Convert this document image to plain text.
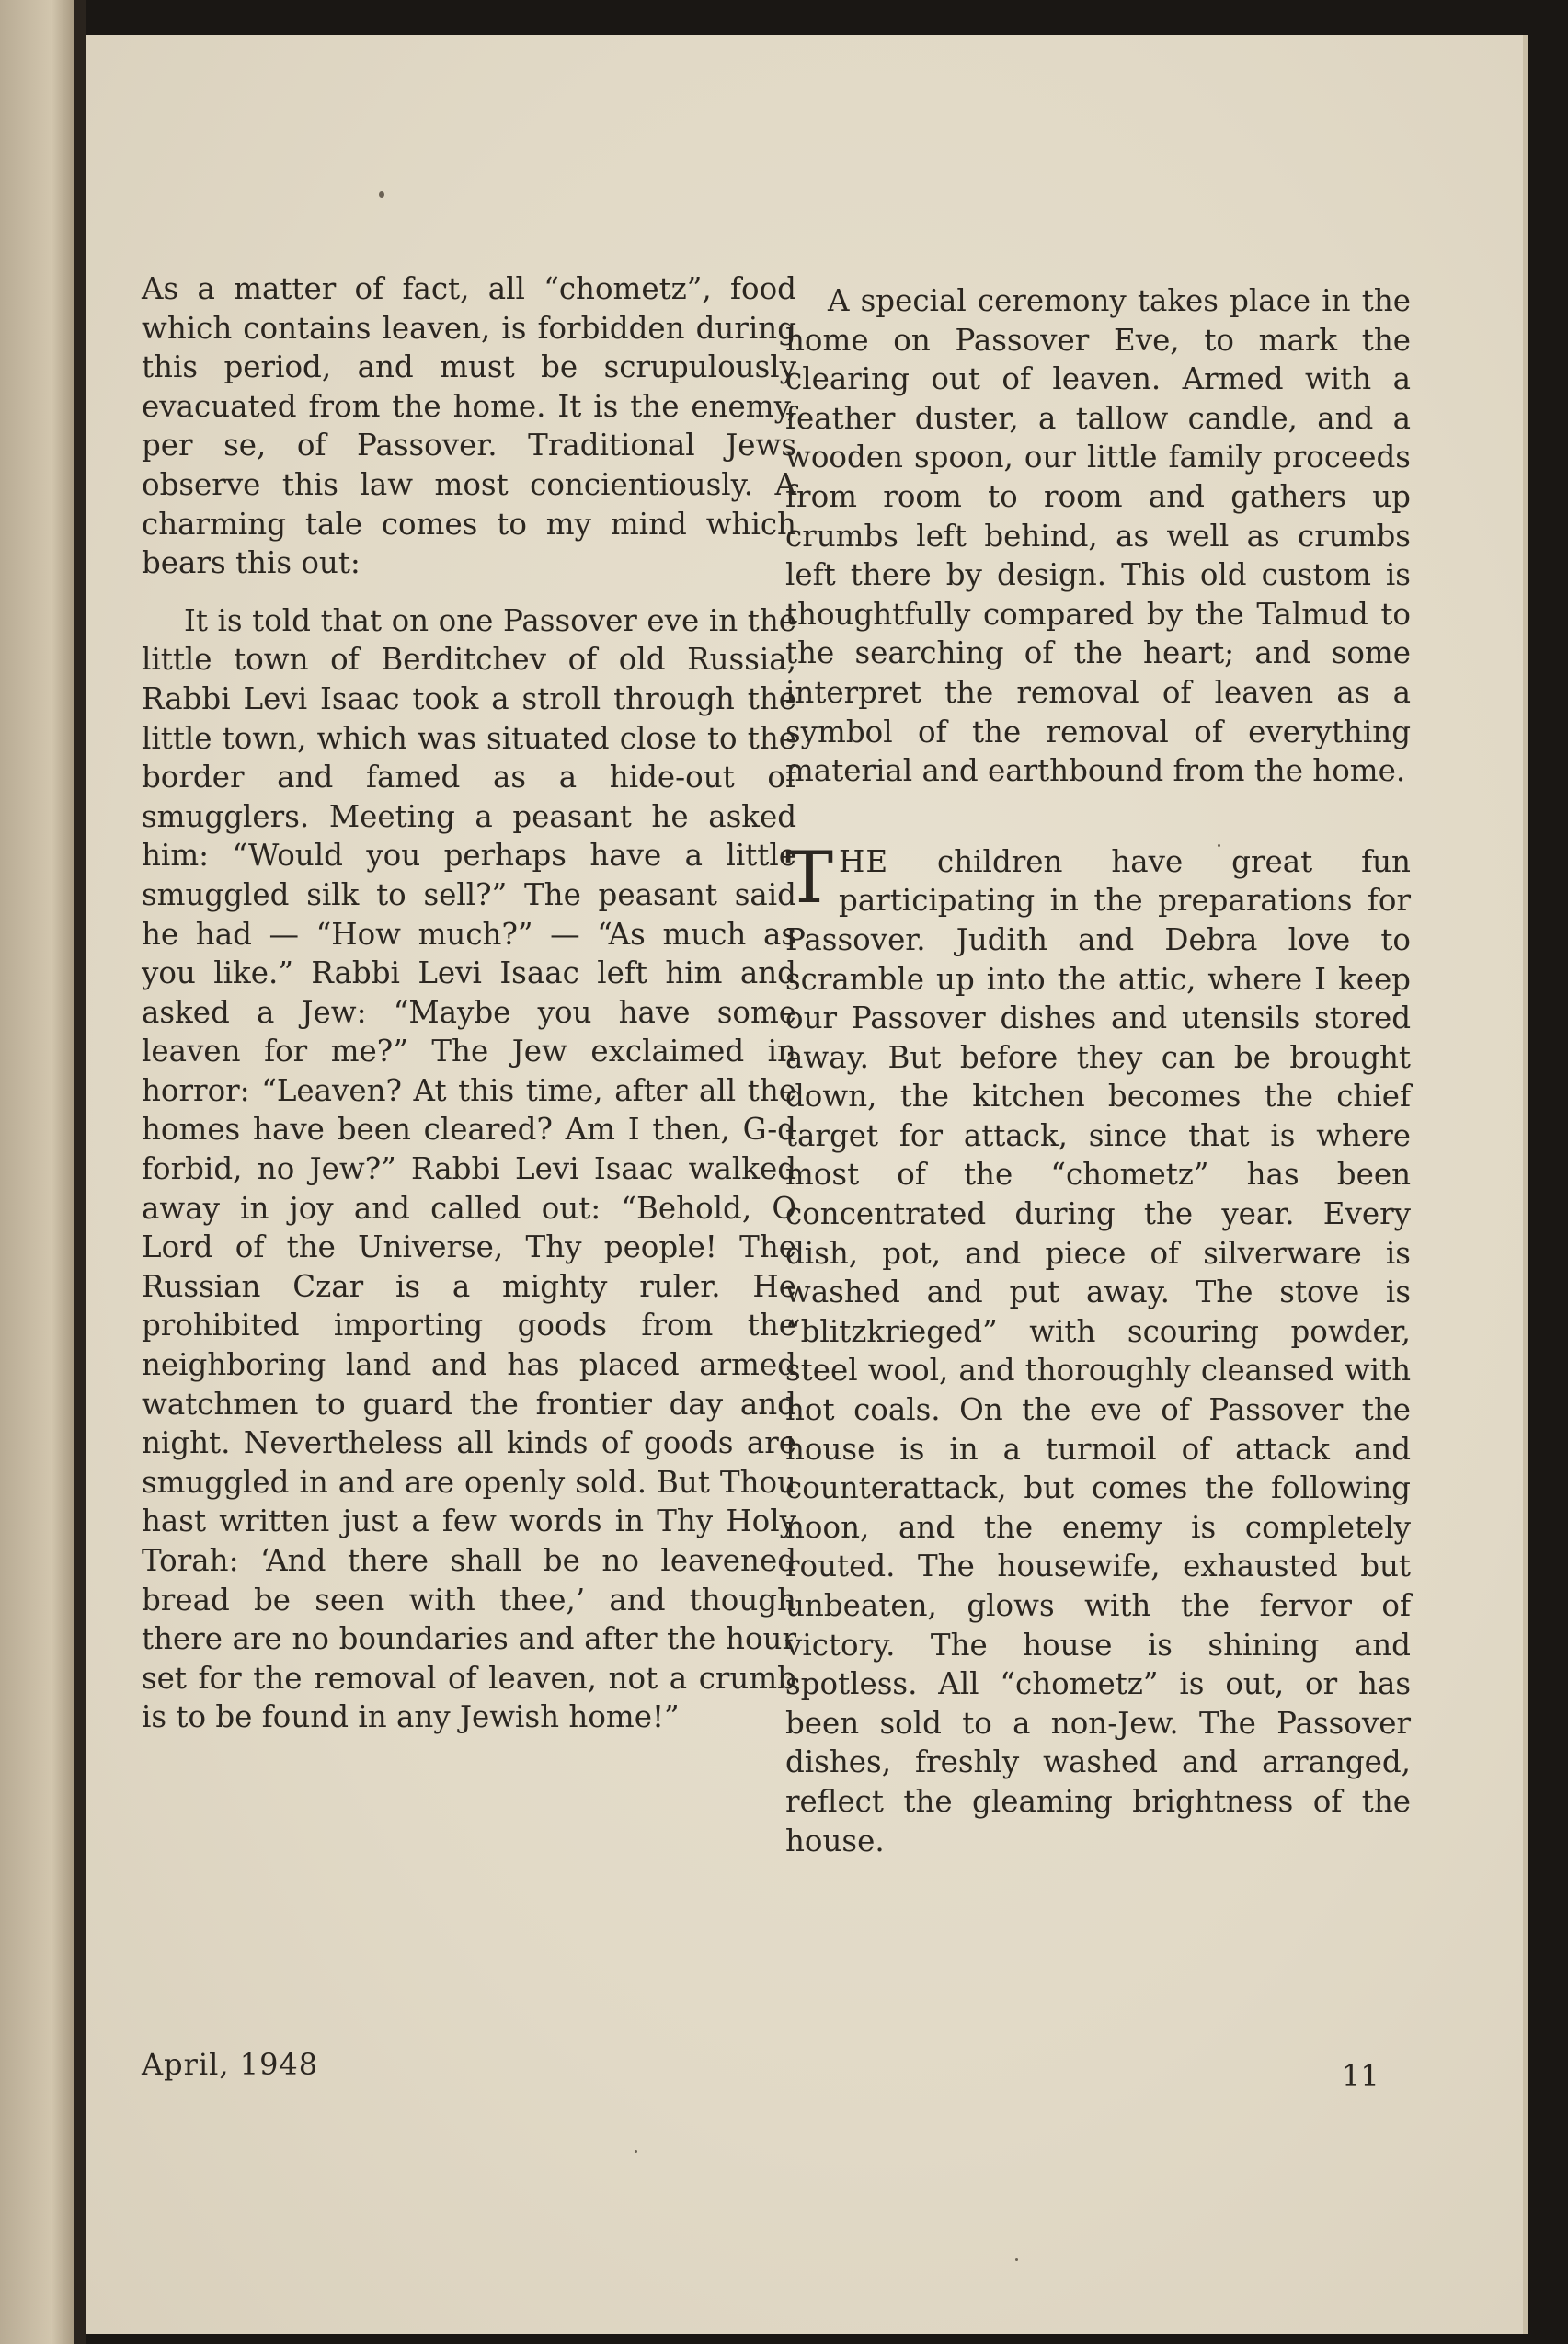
As a matter of fact, all “chometz”, food which contains leaven, is forbidden during this period, and must be scrupulously evacuated from the home. It is the enemy, per se, of Passover. Traditional Jews observe this law most concientiously. A charming tale comes to my mind which bears this out:

It is told that on one Passover eve in the little town of Berditchev of old Russia, Rabbi Levi Isaac took a stroll through the little town, which was situated close to the border and famed as a hide-out of smugglers. Meeting a peasant he asked him: “Would you perhaps have a little smuggled silk to sell?” The peasant said he had — “How much?” — “As much as you like.” Rabbi Levi Isaac left him and asked a Jew: “Maybe you have some leaven for me?” The Jew exclaimed in horror: “Leaven? At this time, after all the homes have been cleared? Am I then, G-d forbid, no Jew?” Rabbi Levi Isaac walked away in joy and called out: “Behold, O Lord of the Universe, Thy people! The Russian Czar is a mighty ruler. He prohibited importing goods from the neighboring land and has placed armed watchmen to guard the frontier day and night. Nevertheless all kinds of goods are smuggled in and are openly sold. But Thou hast written just a few words in Thy Holy Torah: ‘And there shall be no leavened bread be seen with thee,’ and though there are no boundaries and after the hour set for the removal of leaven, not a crumb is to be found in any Jewish home!”

A special ceremony takes place in the home on Passover Eve, to mark the clearing out of leaven. Armed with a feather duster, a tallow candle, and a wooden spoon, our little family proceeds from room to room and gathers up crumbs left behind, as well as crumbs left there by design. This old custom is thoughtfully compared by the Talmud to the searching of the heart; and some interpret the removal of leaven as a symbol of the removal of everything material and earthbound from the home.

THE children have great fun participating in the preparations for Passover. Judith and Debra love to scramble up into the attic, where I keep our Passover dishes and utensils stored away. But before they can be brought down, the kitchen becomes the chief target for attack, since that is where most of the “chometz” has been concentrated during the year. Every dish, pot, and piece of silverware is washed and put away. The stove is “blitzkrieged” with scouring powder, steel wool, and thoroughly cleansed with hot coals. On the eve of Passover the house is in a turmoil of attack and counterattack, but comes the following noon, and the enemy is completely routed. The housewife, exhausted but unbeaten, glows with the fervor of victory. The house is shining and spotless. All “chometz” is out, or has been sold to a non-Jew. The Passover dishes, freshly washed and arranged, reflect the gleaming brightness of the house.

April, 1948	11
